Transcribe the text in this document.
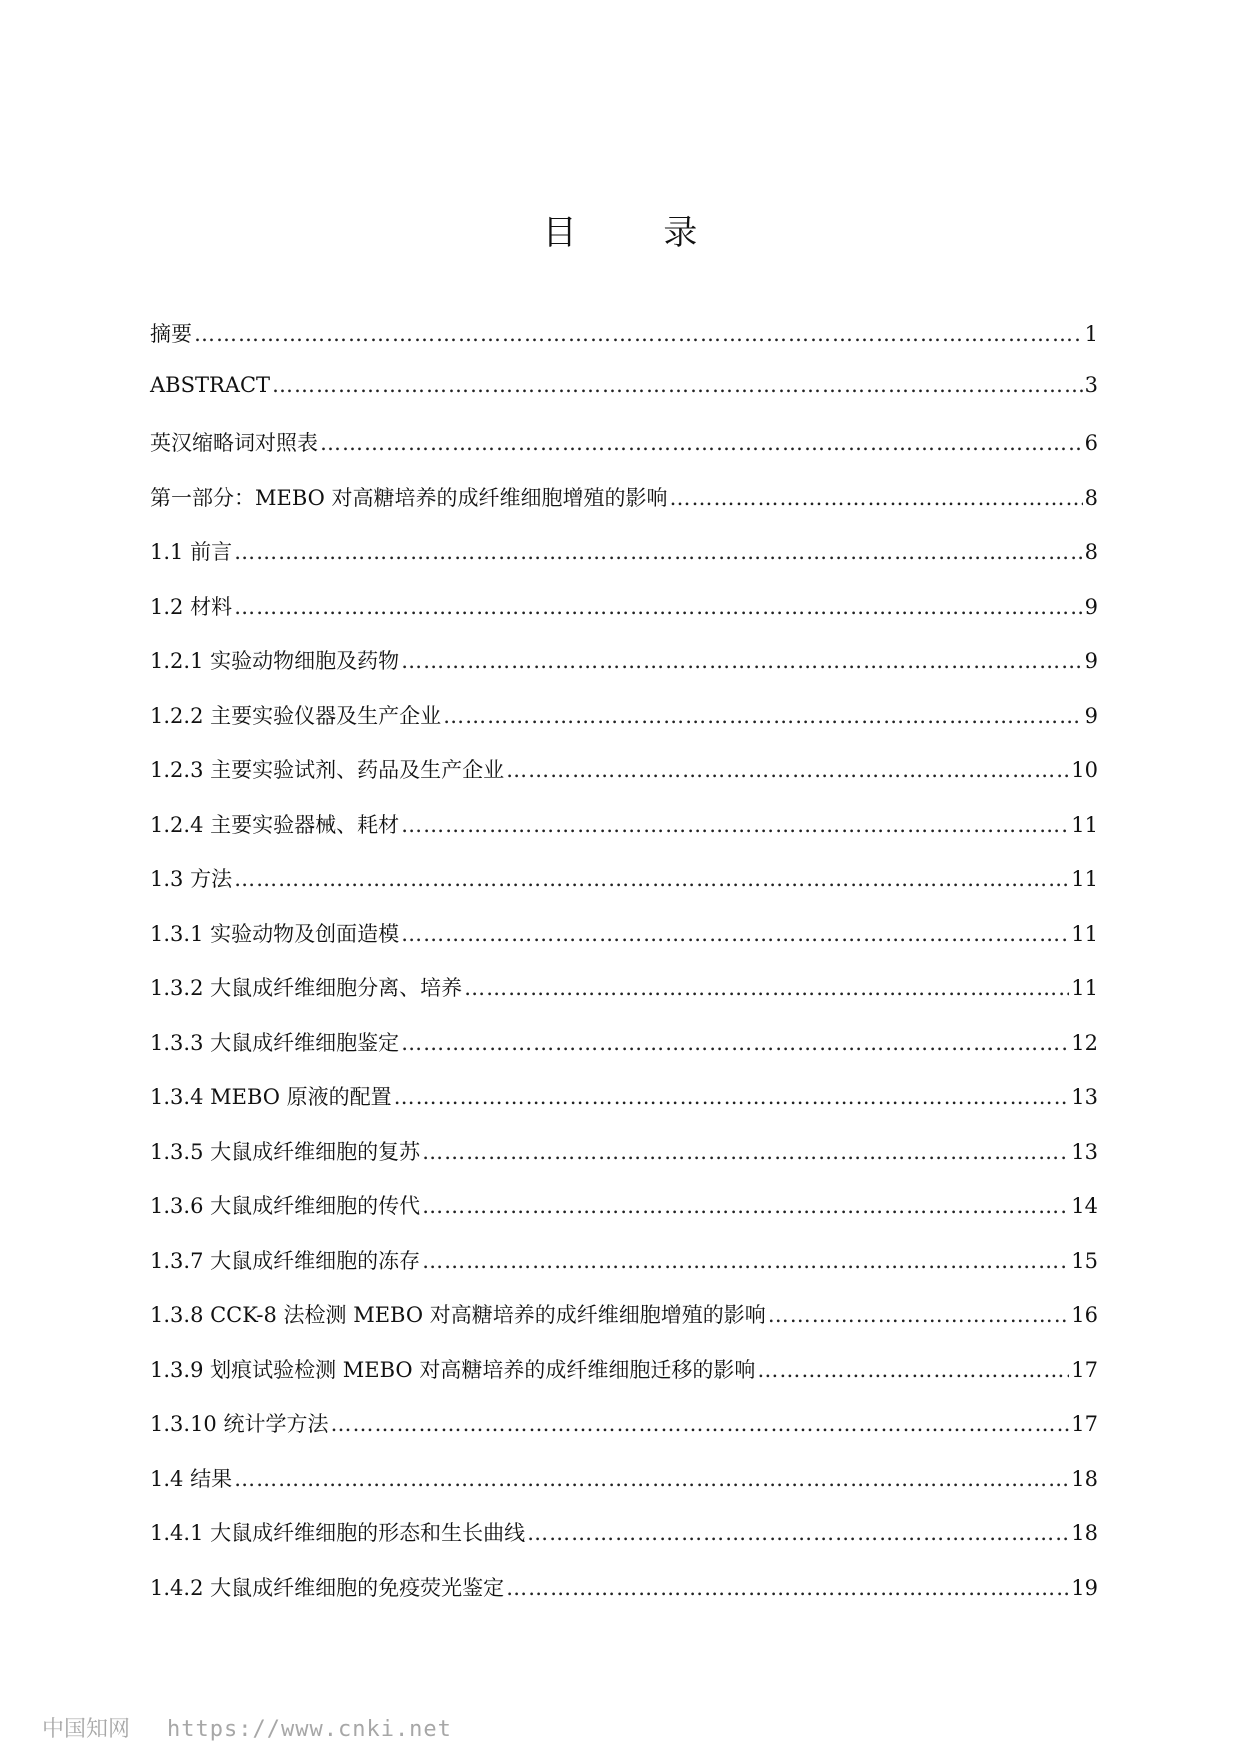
目 录
摘要 ……………………………………………………………………………………………………………………………………………………………………………………………………………………………………………………	1
ABSTRACT ……………………………………………………………………………………………………………………………………………………………………………………………………………………………………………………	3
英汉缩略词对照表 ……………………………………………………………………………………………………………………………………………………………………………………………………………………………………………………	6
第一部分：MEBO 对高糖培养的成纤维细胞增殖的影响 ……………………………………………………………………………………………………………………………………………………………………………………………………………………………………………………	8
1.1 前言 ……………………………………………………………………………………………………………………………………………………………………………………………………………………………………………………	8
1.2 材料 ……………………………………………………………………………………………………………………………………………………………………………………………………………………………………………………	9
1.2.1 实验动物细胞及药物 ……………………………………………………………………………………………………………………………………………………………………………………………………………………………………………………	9
1.2.2 主要实验仪器及生产企业 ……………………………………………………………………………………………………………………………………………………………………………………………………………………………………………………	9
1.2.3 主要实验试剂、药品及生产企业 ……………………………………………………………………………………………………………………………………………………………………………………………………………………………………………………	10
1.2.4 主要实验器械、耗材 ……………………………………………………………………………………………………………………………………………………………………………………………………………………………………………………	11
1.3 方法 ……………………………………………………………………………………………………………………………………………………………………………………………………………………………………………………	11
1.3.1 实验动物及创面造模 ……………………………………………………………………………………………………………………………………………………………………………………………………………………………………………………	11
1.3.2 大鼠成纤维细胞分离、培养 ……………………………………………………………………………………………………………………………………………………………………………………………………………………………………………………	11
1.3.3 大鼠成纤维细胞鉴定 ……………………………………………………………………………………………………………………………………………………………………………………………………………………………………………………	12
1.3.4 MEBO 原液的配置 ……………………………………………………………………………………………………………………………………………………………………………………………………………………………………………………	13
1.3.5 大鼠成纤维细胞的复苏 ……………………………………………………………………………………………………………………………………………………………………………………………………………………………………………………	13
1.3.6 大鼠成纤维细胞的传代 ……………………………………………………………………………………………………………………………………………………………………………………………………………………………………………………	14
1.3.7 大鼠成纤维细胞的冻存 ……………………………………………………………………………………………………………………………………………………………………………………………………………………………………………………	15
1.3.8 CCK-8 法检测 MEBO 对高糖培养的成纤维细胞增殖的影响 ……………………………………………………………………………………………………………………………………………………………………………………………………………………………………………………	16
1.3.9 划痕试验检测 MEBO 对高糖培养的成纤维细胞迁移的影响 ……………………………………………………………………………………………………………………………………………………………………………………………………………………………………………………	17
1.3.10 统计学方法 ……………………………………………………………………………………………………………………………………………………………………………………………………………………………………………………	17
1.4 结果 ……………………………………………………………………………………………………………………………………………………………………………………………………………………………………………………	18
1.4.1 大鼠成纤维细胞的形态和生长曲线 ……………………………………………………………………………………………………………………………………………………………………………………………………………………………………………………	18
1.4.2 大鼠成纤维细胞的免疫荧光鉴定 ……………………………………………………………………………………………………………………………………………………………………………………………………………………………………………………	19
中国知网 https://www.cnki.net
